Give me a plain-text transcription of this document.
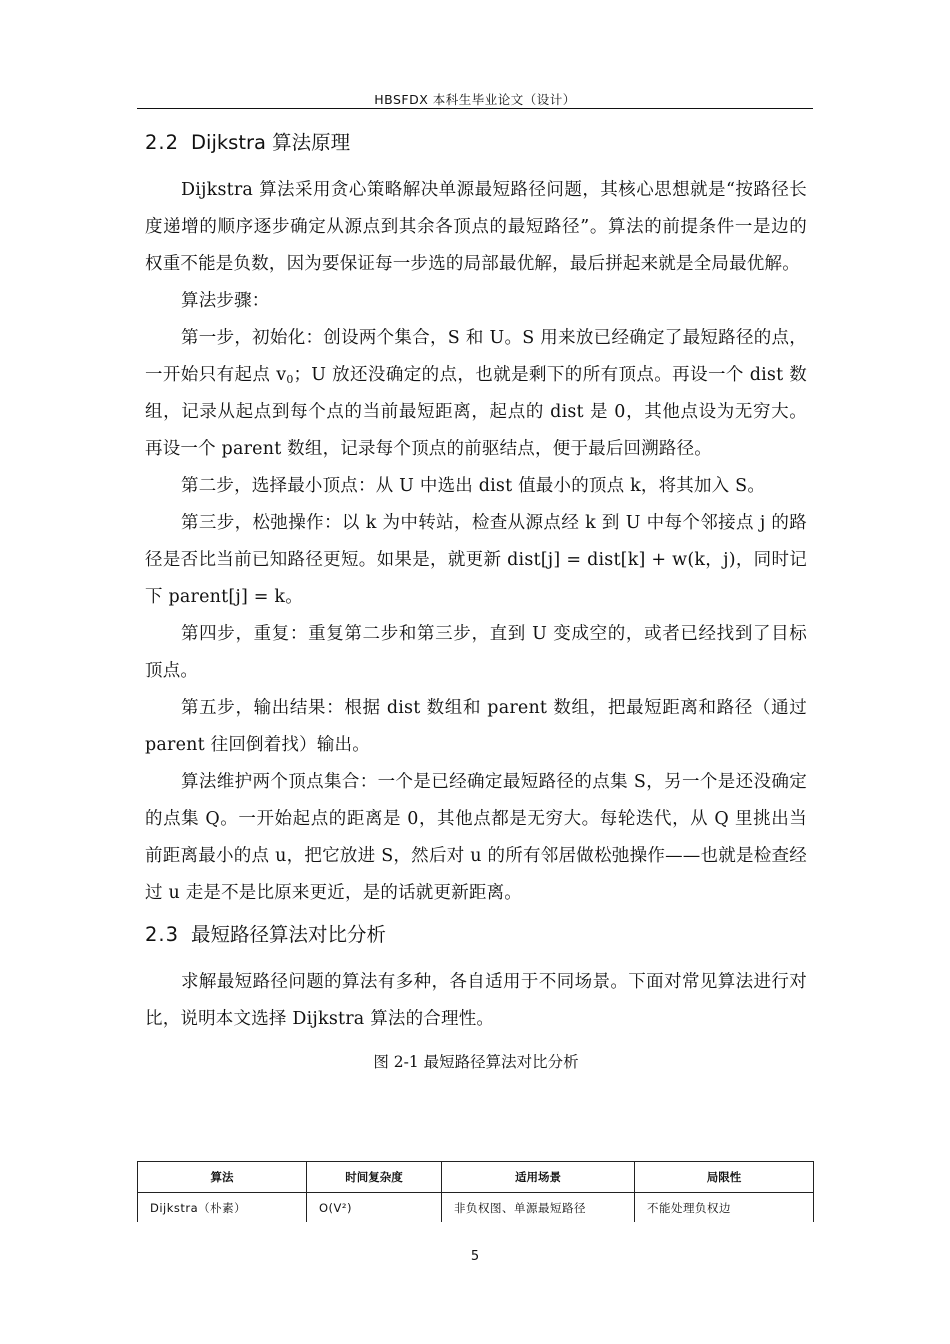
HBSFDX 本科生毕业论文（设计）
2.2 Dijkstra 算法原理

Dijkstra 算法采用贪心策略解决单源最短路径问题，其核心思想就是“按路径长度递增的顺序逐步确定从源点到其余各顶点的最短路径”。算法的前提条件一是边的权重不能是负数，因为要保证每一步选的局部最优解，最后拼起来就是全局最优解。

算法步骤：

第一步，初始化：创设两个集合，S 和 U。S 用来放已经确定了最短路径的点，一开始只有起点 $v_0$；U 放还没确定的点，也就是剩下的所有顶点。再设一个 dist 数组，记录从起点到每个点的当前最短距离，起点的 dist 是 0，其他点设为无穷大。再设一个 parent 数组，记录每个顶点的前驱结点，便于最后回溯路径。

第二步，选择最小顶点：从 U 中选出 dist 值最小的顶点 k，将其加入 S。

第三步，松弛操作：以 k 为中转站，检查从源点经 k 到 U 中每个邻接点 j 的路径是否比当前已知路径更短。如果是，就更新 dist[j] = dist[k] + w(k，j)，同时记下 parent[j] = k。

第四步，重复：重复第二步和第三步，直到 U 变成空的，或者已经找到了目标顶点。

第五步，输出结果：根据 dist 数组和 parent 数组，把最短距离和路径（通过 parent 往回倒着找）输出。

算法维护两个顶点集合：一个是已经确定最短路径的点集 S，另一个是还没确定的点集 Q。一开始起点的距离是 0，其他点都是无穷大。每轮迭代，从 Q 里挑出当前距离最小的点 u，把它放进 S，然后对 u 的所有邻居做松弛操作——也就是检查经过 u 走是不是比原来更近，是的话就更新距离。

2.3 最短路径算法对比分析

求解最短路径问题的算法有多种，各自适用于不同场景。下面对常见算法进行对比，说明本文选择 Dijkstra 算法的合理性。

图 2-1 最短路径算法对比分析
算法	时间复杂度	适用场景	局限性
Dijkstra（朴素）	O(V²)	非负权图、单源最短路径	不能处理负权边

5
